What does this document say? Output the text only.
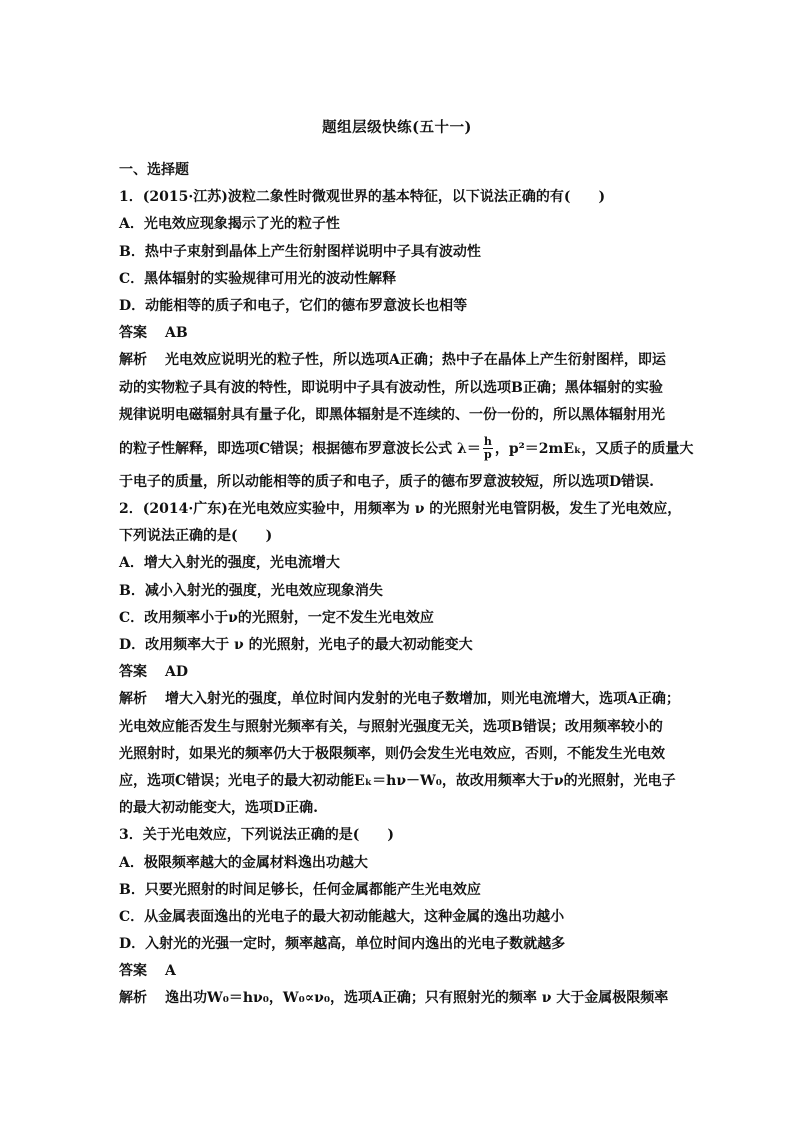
题组层级快练(五十一)
一、选择题
1．(2015·江苏)波粒二象性时微观世界的基本特征，以下说法正确的有(　　)
A．光电效应现象揭示了光的粒子性
B．热中子束射到晶体上产生衍射图样说明中子具有波动性
C．黑体辐射的实验规律可用光的波动性解释
D．动能相等的质子和电子，它们的德布罗意波长也相等
答案 AB
解析 光电效应说明光的粒子性，所以选项A正确；热中子在晶体上产生衍射图样，即运
动的实物粒子具有波的特性，即说明中子具有波动性，所以选项B正确；黑体辐射的实验
规律说明电磁辐射具有量子化，即黑体辐射是不连续的、一份一份的，所以黑体辐射用光
的粒子性解释，即选项C错误；根据德布罗意波长公式 $\lambda= \frac{h}{p}$ ，p²＝2mEₖ，又质子的质量大
于电子的质量，所以动能相等的质子和电子，质子的德布罗意波较短，所以选项D错误.
2．(2014·广东)在光电效应实验中，用频率为 ν 的光照射光电管阴极，发生了光电效应，
下列说法正确的是(　　)
A．增大入射光的强度，光电流增大
B．减小入射光的强度，光电效应现象消失
C．改用频率小于ν的光照射，一定不发生光电效应
D．改用频率大于 ν 的光照射，光电子的最大初动能变大
答案 AD
解析 增大入射光的强度，单位时间内发射的光电子数增加，则光电流增大，选项A正确；
光电效应能否发生与照射光频率有关，与照射光强度无关，选项B错误；改用频率较小的
光照射时，如果光的频率仍大于极限频率，则仍会发生光电效应，否则，不能发生光电效
应，选项C错误；光电子的最大初动能Eₖ＝hν－W₀，故改用频率大于ν的光照射，光电子
的最大初动能变大，选项D正确.
3．关于光电效应，下列说法正确的是(　　)
A．极限频率越大的金属材料逸出功越大
B．只要光照射的时间足够长，任何金属都能产生光电效应
C．从金属表面逸出的光电子的最大初动能越大，这种金属的逸出功越小
D．入射光的光强一定时，频率越高，单位时间内逸出的光电子数就越多
答案 A
解析 逸出功W₀＝hν₀，W₀∝ν₀，选项A正确；只有照射光的频率 ν 大于金属极限频率
